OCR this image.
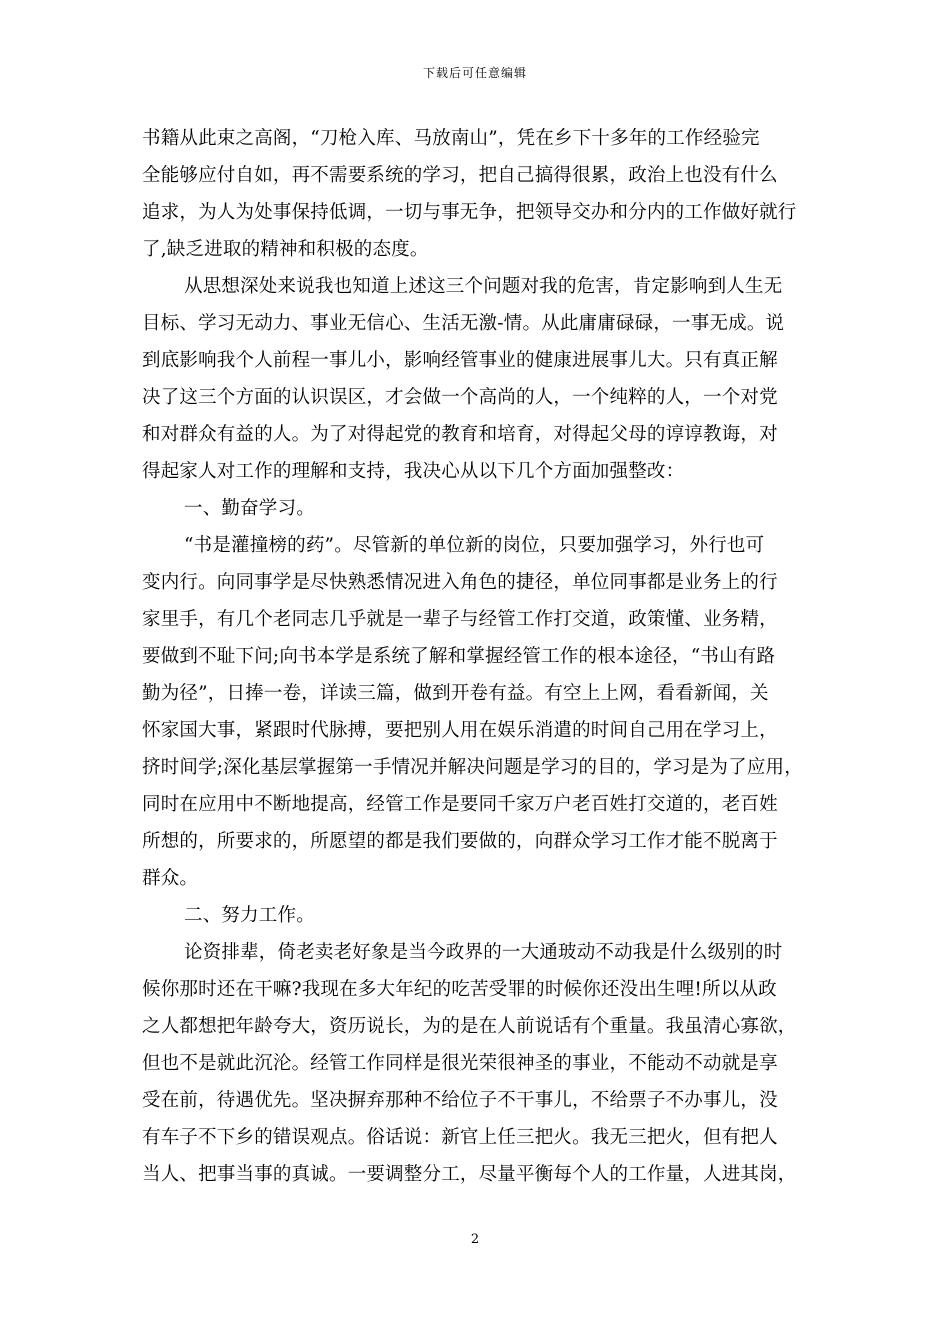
下载后可任意编辑
书籍从此束之高阁，“刀枪入库、马放南山”，凭在乡下十多年的工作经验完
全能够应付自如，再不需要系统的学习，把自己搞得很累，政治上也没有什么
追求，为人为处事保持低调，一切与事无争，把领导交办和分内的工作做好就行
了,缺乏进取的精神和积极的态度。
从思想深处来说我也知道上述这三个问题对我的危害，肯定影响到人生无
目标、学习无动力、事业无信心、生活无激-情。从此庸庸碌碌，一事无成。说
到底影响我个人前程一事儿小，影响经管事业的健康进展事儿大。只有真正解
决了这三个方面的认识误区，才会做一个高尚的人，一个纯粹的人，一个对党
和对群众有益的人。为了对得起党的教育和培育，对得起父母的谆谆教诲，对
得起家人对工作的理解和支持，我决心从以下几个方面加强整改：
一、勤奋学习。
“书是灌撞榜的药”。尽管新的单位新的岗位，只要加强学习，外行也可
变内行。向同事学是尽快熟悉情况进入角色的捷径，单位同事都是业务上的行
家里手，有几个老同志几乎就是一辈子与经管工作打交道，政策懂、业务精，
要做到不耻下问;向书本学是系统了解和掌握经管工作的根本途径，“书山有路
勤为径”，日捧一卷，详读三篇，做到开卷有益。有空上上网，看看新闻，关
怀家国大事，紧跟时代脉搏，要把别人用在娱乐消遣的时间自己用在学习上，
挤时间学;深化基层掌握第一手情况并解决问题是学习的目的，学习是为了应用，
同时在应用中不断地提高，经管工作是要同千家万户老百姓打交道的，老百姓
所想的，所要求的，所愿望的都是我们要做的，向群众学习工作才能不脱离于
群众。
二、努力工作。
论资排辈，倚老卖老好象是当今政界的一大通玻动不动我是什么级别的时
候你那时还在干嘛?我现在多大年纪的吃苦受罪的时候你还没出生哩!所以从政
之人都想把年龄夸大，资历说长，为的是在人前说话有个重量。我虽清心寡欲，
但也不是就此沉沦。经管工作同样是很光荣很神圣的事业，不能动不动就是享
受在前，待遇优先。坚决摒弃那种不给位子不干事儿，不给票子不办事儿，没
有车子不下乡的错误观点。俗话说：新官上任三把火。我无三把火，但有把人
当人、把事当事的真诚。一要调整分工，尽量平衡每个人的工作量，人进其岗，
2
